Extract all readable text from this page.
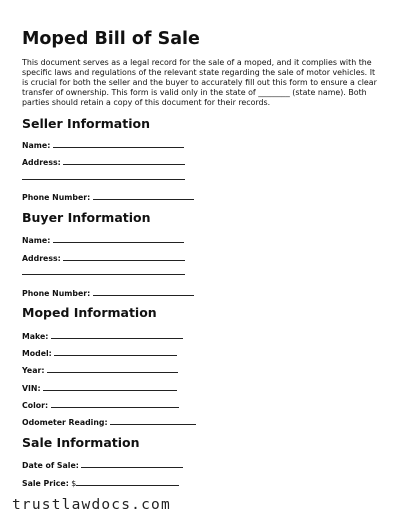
Moped Bill of Sale
This document serves as a legal record for the sale of a moped, and it complies with the specific laws and regulations of the relevant state regarding the sale of motor vehicles. It is crucial for both the seller and the buyer to accurately fill out this form to ensure a clear transfer of ownership. This form is valid only in the state of ________ (state name). Both parties should retain a copy of this document for their records.
Seller Information
Name:
Address:
Phone Number:
Buyer Information
Name:
Address:
Phone Number:
Moped Information
Make:
Model:
Year:
VIN:
Color:
Odometer Reading:
Sale Information
Date of Sale:
Sale Price: $
trustlawdocs.com
